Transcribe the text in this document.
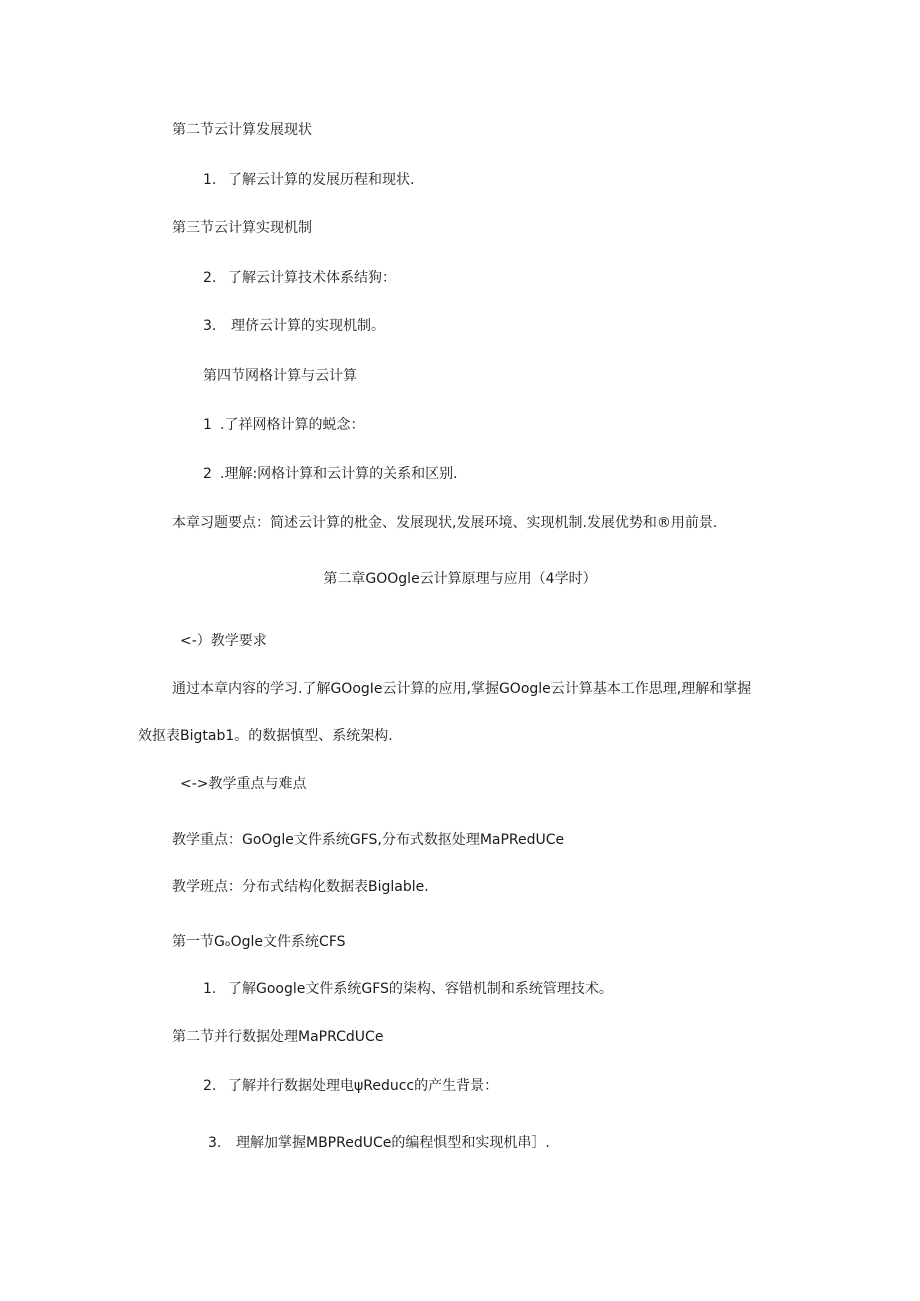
第二节云计算发展现状
1. 了解云计算的发展历程和现状.
第三节云计算实现机制
2. 了解云计算技术体系结狗：
3. 理侪云计算的实现机制。
第四节网格计算与云计算
1 .了祥网格计算的蜕念：
2 .理解:网格计算和云计算的关系和区别.
本章习题要点：简述云计算的枇金、发展现状,发展环境、实现机制.发展优势和®用前景.
第二章GOOgle云计算原理与应用（4学时）
<-）教学要求
通过本章内容的学习.了解GOogIe云计算的应用,掌握GOogle云计算基本工作思理,理解和掌握
效抠表Bigtab1。的数据慎型、系统架构.
<->教学重点与难点
教学重点：GoOgle文件系统GFS,分布式数抠处理MaPRedUCe
教学班点：分布式结构化数据表Biglable.
第一节GₒOgle文件系统CFS
1. 了解Google文件系统GFS的柒构、容错机制和系统管理技术。
第二节并行数据处理MaPRCdUCe
2. 了解并行数据处理电ψReducc的产生背景：
3. 理解加掌握MBPRedUCe的编程惧型和实现机串］.
